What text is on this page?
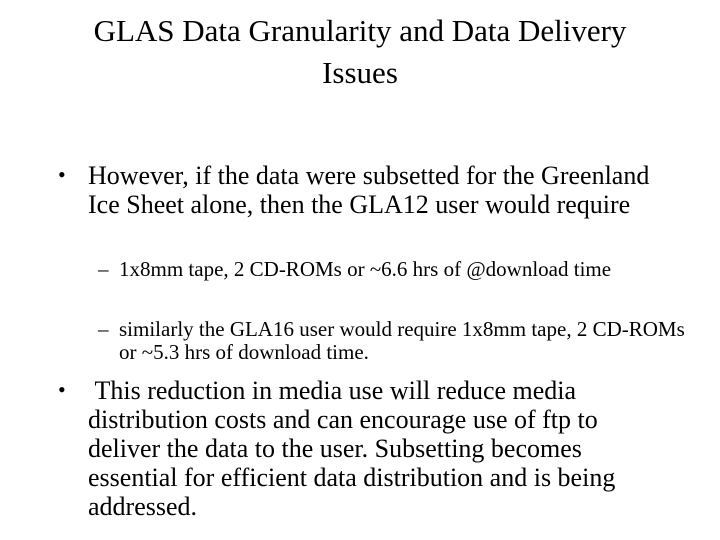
GLAS Data Granularity and Data Delivery Issues
• However, if the data were subsetted for the Greenland Ice Sheet alone, then the GLA12 user would require
– 1x8mm tape, 2 CD-ROMs or ~6.6 hrs of @download time
– similarly the GLA16 user would require 1x8mm tape, 2 CD-ROMs or ~5.3 hrs of download time.
• This reduction in media use will reduce media distribution costs and can encourage use of ftp to deliver the data to the user. Subsetting becomes essential for efficient data distribution and is being addressed.
